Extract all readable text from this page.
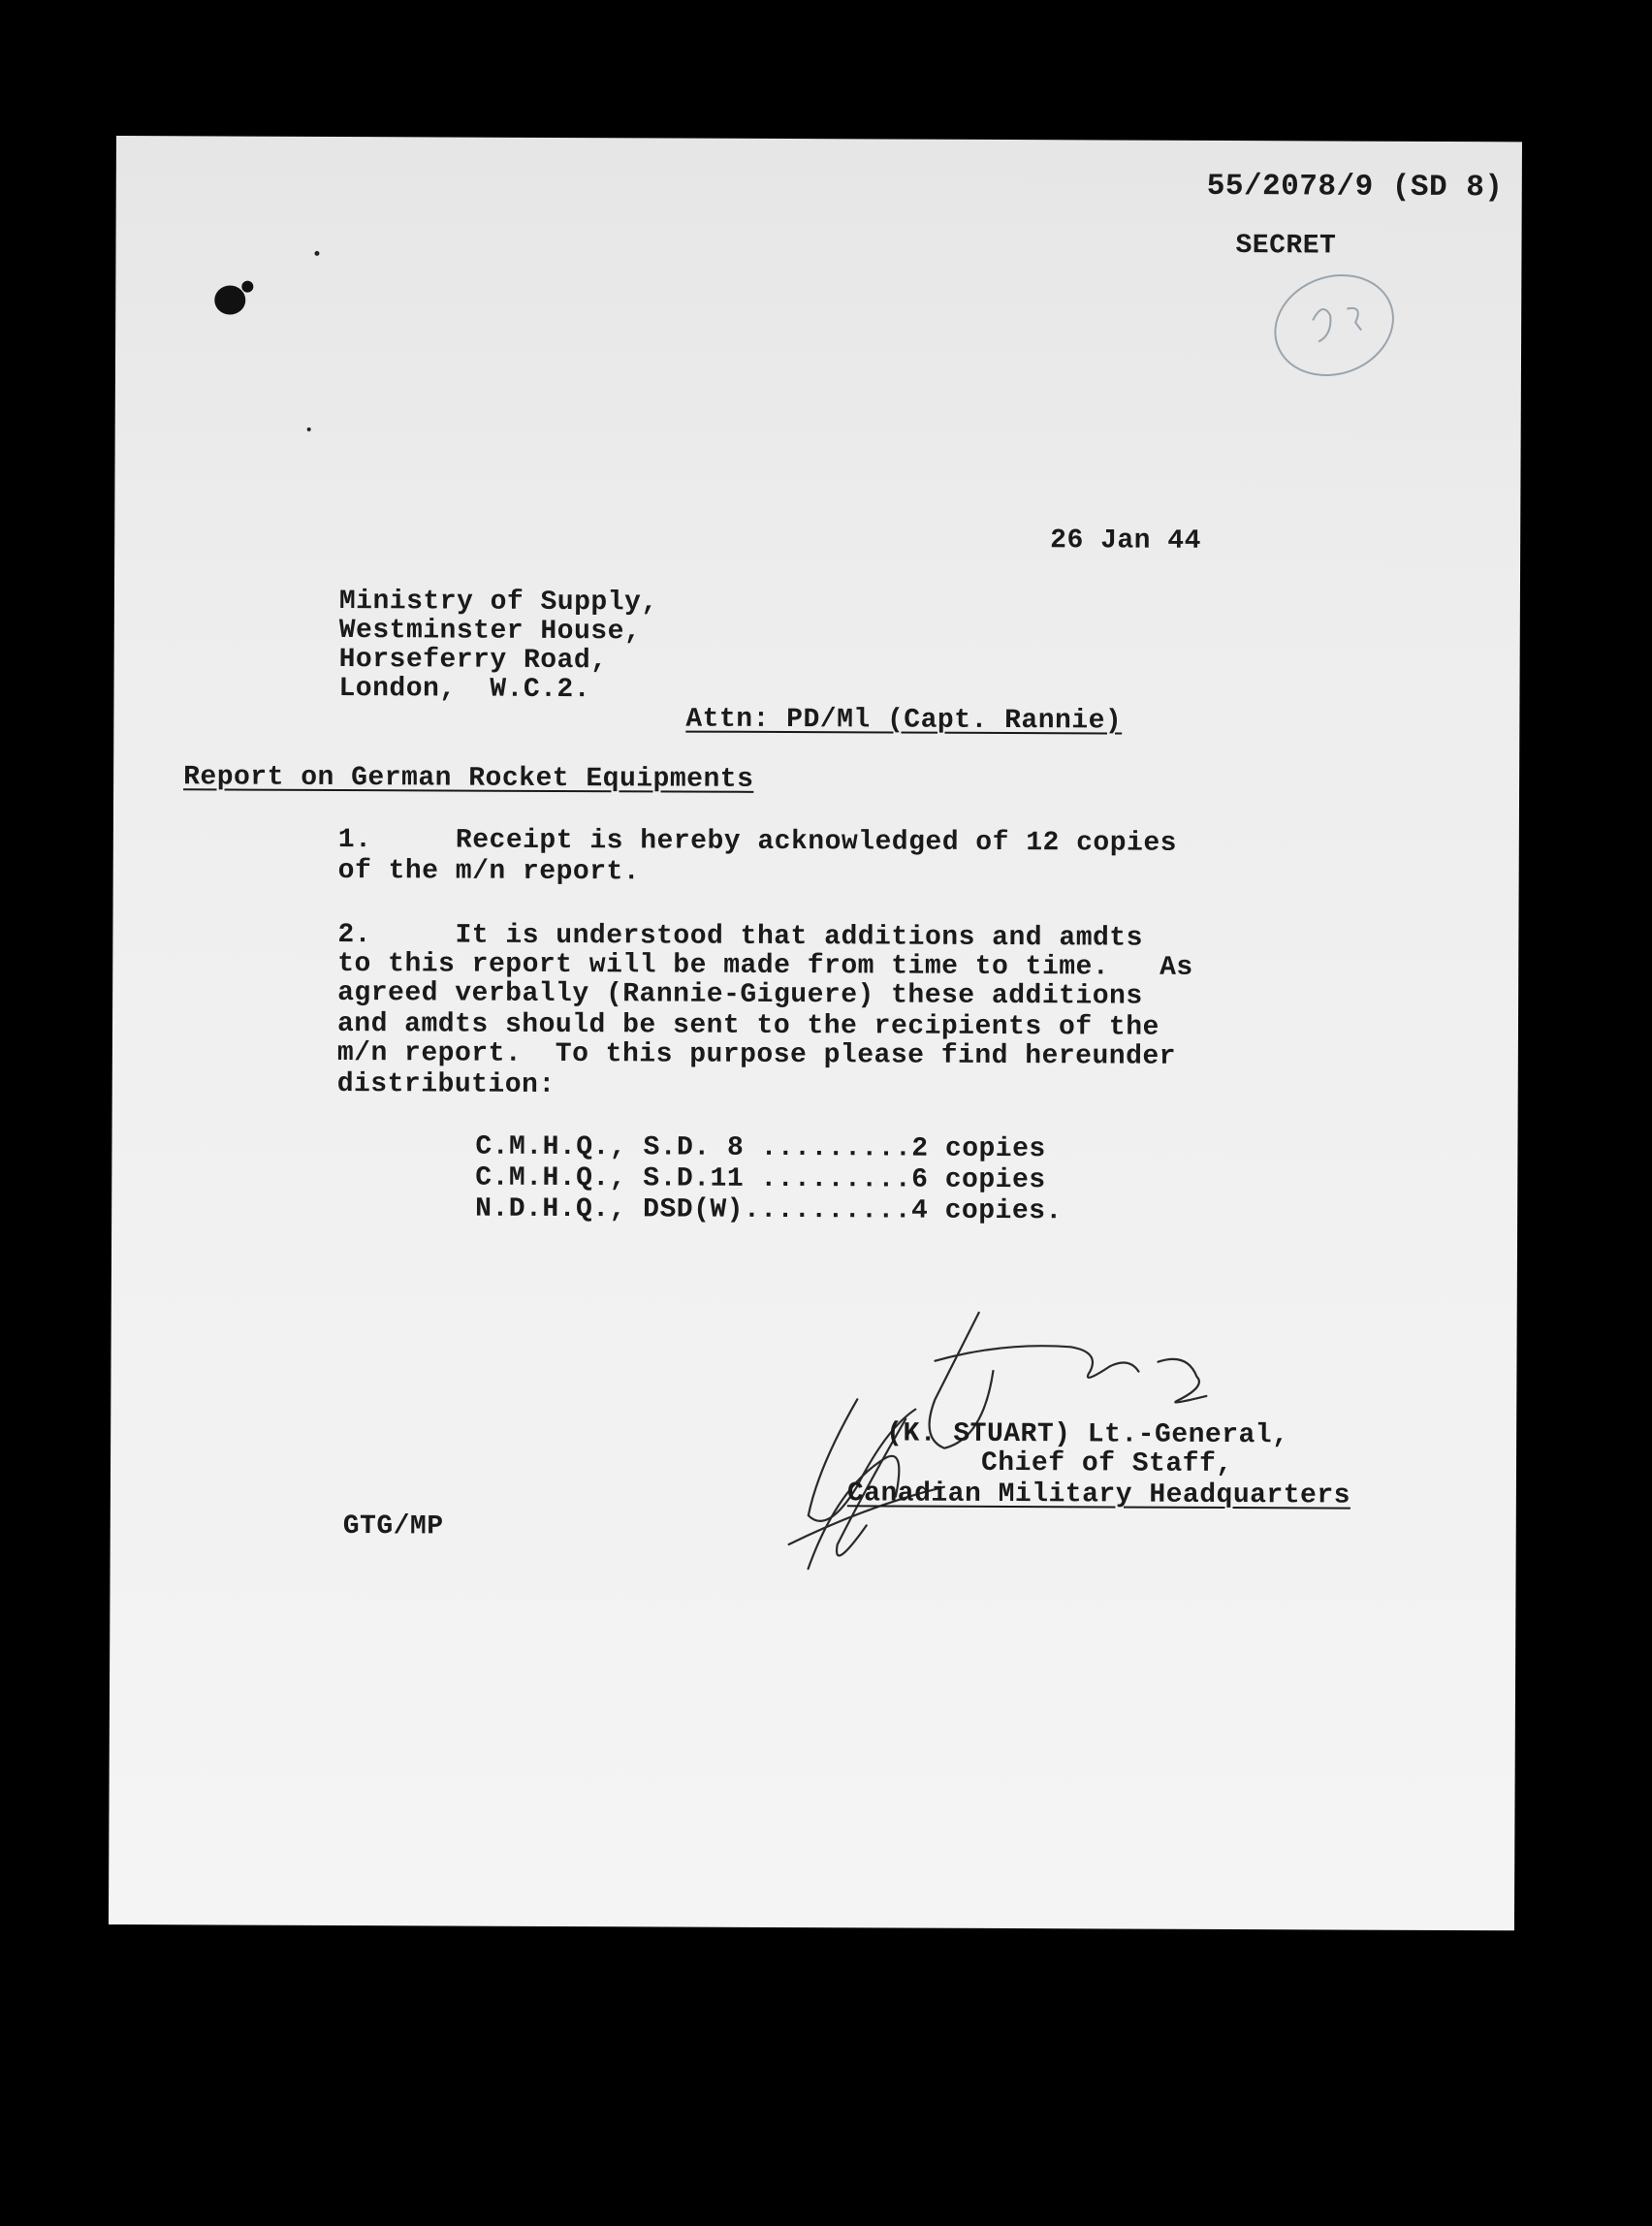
55/2078/9 (SD 8)
SECRET
26 Jan 44
Ministry of Supply,
Westminster House,
Horseferry Road,
London,  W.C.2.
Attn: PD/Ml (Capt. Rannie)
Report on German Rocket Equipments
1.     Receipt is hereby acknowledged of 12 copies
of the m/n report.
2.     It is understood that additions and amdts
to this report will be made from time to time.   As
agreed verbally (Rannie-Giguere) these additions
and amdts should be sent to the recipients of the
m/n report.  To this purpose please find hereunder
distribution:
C.M.H.Q., S.D. 8 .........2 copies
C.M.H.Q., S.D.11 .........6 copies
N.D.H.Q., DSD(W)..........4 copies.
(K. STUART) Lt.-General,
Chief of Staff,
Canadian Military Headquarters
GTG/MP
